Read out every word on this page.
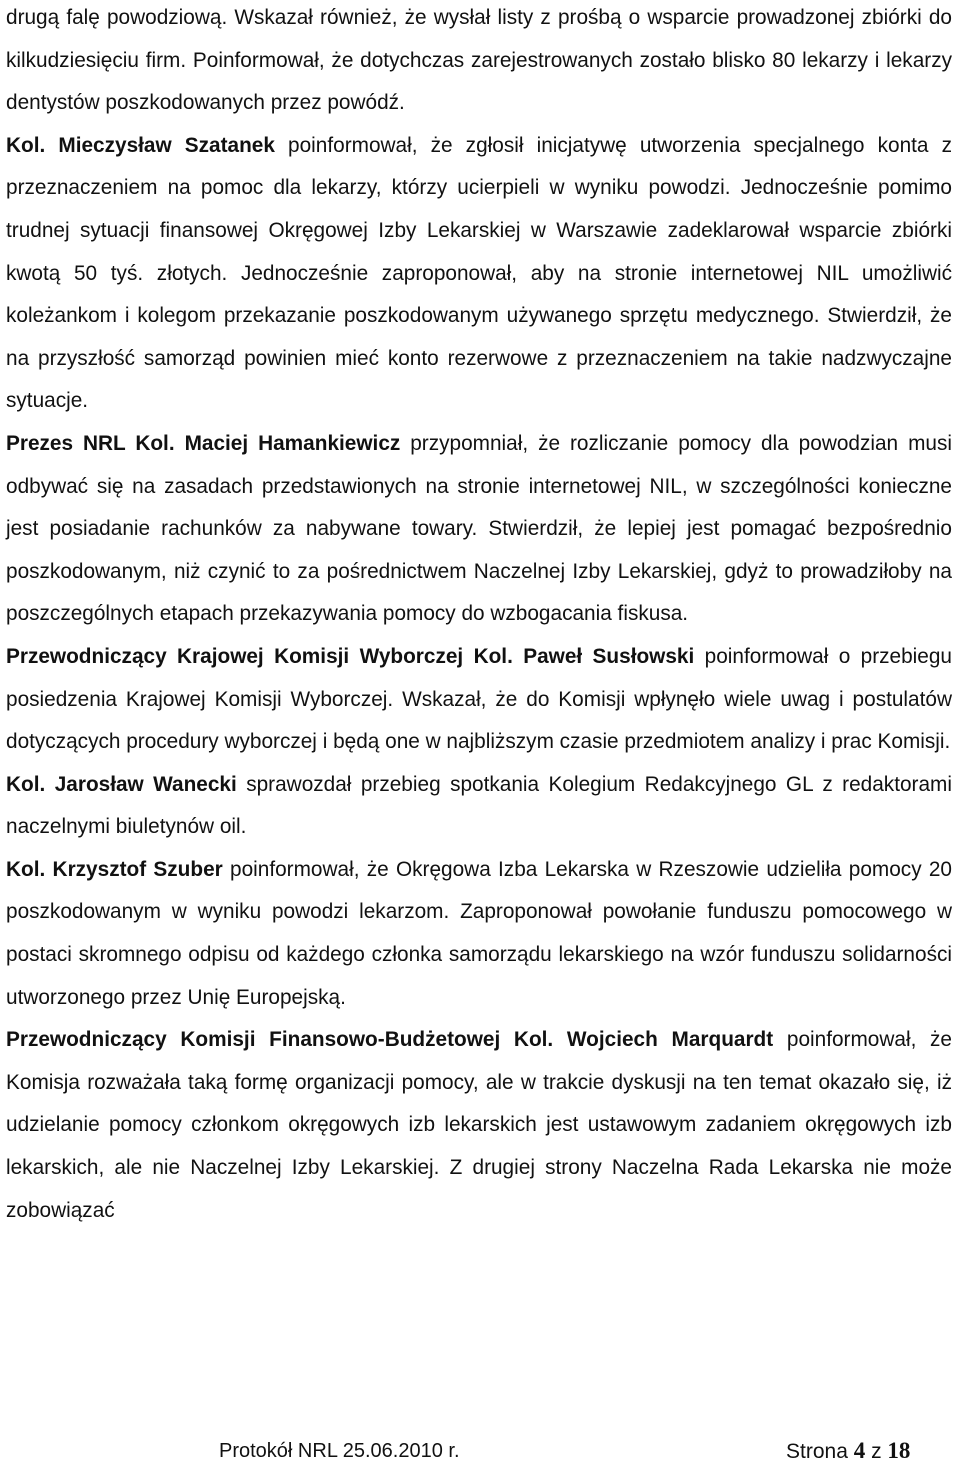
drugą falę powodziową. Wskazał również, że wysłał listy z prośbą o wsparcie prowadzonej zbiórki do kilkudziesięciu firm. Poinformował, że dotychczas zarejestrowanych zostało blisko 80 lekarzy i lekarzy dentystów poszkodowanych przez powódź.

Kol. Mieczysław Szatanek poinformował, że zgłosił inicjatywę utworzenia specjalnego konta z przeznaczeniem na pomoc dla lekarzy, którzy ucierpieli w wyniku powodzi. Jednocześnie pomimo trudnej sytuacji finansowej Okręgowej Izby Lekarskiej w Warszawie zadeklarował wsparcie zbiórki kwotą 50 tyś. złotych. Jednocześnie zaproponował, aby na stronie internetowej NIL umożliwić koleżankom i kolegom przekazanie poszkodowanym używanego sprzętu medycznego. Stwierdził, że na przyszłość samorząd powinien mieć konto rezerwowe z przeznaczeniem na takie nadzwyczajne sytuacje.

Prezes NRL Kol. Maciej Hamankiewicz przypomniał, że rozliczanie pomocy dla powodzian musi odbywać się na zasadach przedstawionych na stronie internetowej NIL, w szczególności konieczne jest posiadanie rachunków za nabywane towary. Stwierdził, że lepiej jest pomagać bezpośrednio poszkodowanym, niż czynić to za pośrednictwem Naczelnej Izby Lekarskiej, gdyż to prowadziłoby na poszczególnych etapach przekazywania pomocy do wzbogacania fiskusa.

Przewodniczący Krajowej Komisji Wyborczej Kol. Paweł Susłowski poinformował o przebiegu posiedzenia Krajowej Komisji Wyborczej. Wskazał, że do Komisji wpłynęło wiele uwag i postulatów dotyczących procedury wyborczej i będą one w najbliższym czasie przedmiotem analizy i prac Komisji.

Kol. Jarosław Wanecki sprawozdał przebieg spotkania Kolegium Redakcyjnego GL z redaktorami naczelnymi biuletynów oil.

Kol. Krzysztof Szuber poinformował, że Okręgowa Izba Lekarska w Rzeszowie udzieliła pomocy 20 poszkodowanym w wyniku powodzi lekarzom. Zaproponował powołanie funduszu pomocowego w postaci skromnego odpisu od każdego członka samorządu lekarskiego na wzór funduszu solidarności utworzonego przez Unię Europejską.

Przewodniczący Komisji Finansowo-Budżetowej Kol. Wojciech Marquardt poinformował, że Komisja rozważała taką formę organizacji pomocy, ale w trakcie dyskusji na ten temat okazało się, iż udzielanie pomocy członkom okręgowych izb lekarskich jest ustawowym zadaniem okręgowych izb lekarskich, ale nie Naczelnej Izby Lekarskiej. Z drugiej strony Naczelna Rada Lekarska nie może zobowiązać

Protokół NRL 25.06.2010 r.	Strona 4 z 18
